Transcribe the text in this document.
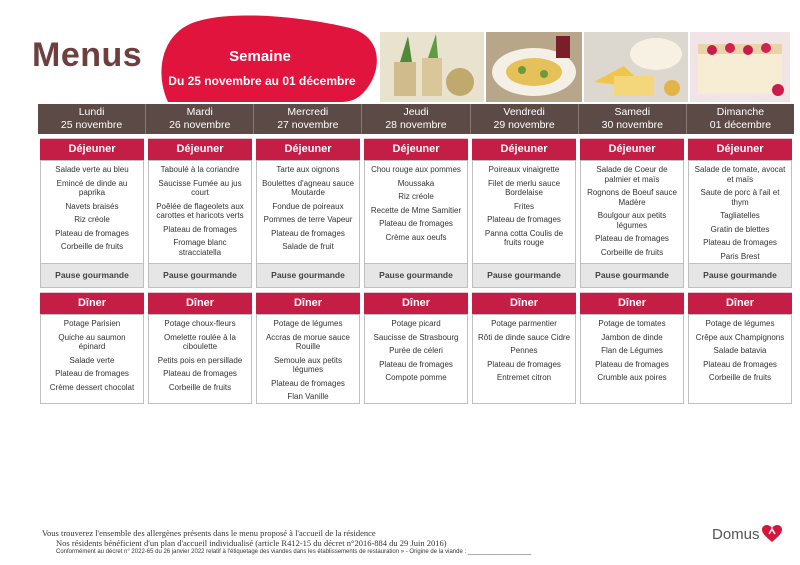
Menus	Semaine
Du 25 novembre au 01 décembre
Lundi
25 novembre
Mardi
26 novembre
Mercredi
27 novembre
Jeudi
28 novembre
Vendredi
29 novembre
Samedi
30 novembre
Dimanche
01 décembre
Déjeuner
Salade verte au bleu
Emincé de dinde au paprika
Navets braisés
Riz créole
Plateau de fromages
Corbeille de fruits
Pause gourmande
Dîner
Potage Parisien
Quiche au saumon épinard
Salade verte
Plateau de fromages
Crème dessert chocolat
Déjeuner
Taboulé à la coriandre
Saucisse Fumée au jus court
Poêlée de flageolets aux carottes et haricots verts
Plateau de fromages
Fromage blanc stracciatella
Pause gourmande
Dîner
Potage choux-fleurs
Omelette roulée à la ciboulette
Petits pois en persillade
Plateau de fromages
Corbeille de fruits
Déjeuner
Tarte aux oignons
Boulettes d'agneau sauce Moutarde
Fondue de poireaux
Pommes de terre Vapeur
Plateau de fromages
Salade de fruit
Pause gourmande
Dîner
Potage de légumes
Accras de morue sauce Rouille
Semoule aux petits légumes
Plateau de fromages
Flan Vanille
Déjeuner
Chou rouge aux pommes
Moussaka
Riz créole
Recette de Mme Samitier
Plateau de fromages
Crème aux oeufs
Pause gourmande
Dîner
Potage picard
Saucisse de Strasbourg
Purée de céleri
Plateau de fromages
Compote pomme
Déjeuner
Poireaux vinaigrette
Filet de merlu sauce Bordelaise
Frites
Plateau de fromages
Panna cotta Coulis de fruits rouge
Pause gourmande
Dîner
Potage parmentier
Rôti de dinde sauce Cidre
Pennes
Plateau de fromages
Entremet citron
Déjeuner
Salade de Coeur de palmier et maïs
Rognons de Boeuf sauce Madère
Boulgour aux petits légumes
Plateau de fromages
Corbeille de fruits
Pause gourmande
Dîner
Potage de tomates
Jambon de dinde
Flan de Légumes
Plateau de fromages
Crumble aux poires
Déjeuner
Salade de tomate, avocat et maïs
Saute de porc à l'ail et thym
Tagliatelles
Gratin de blettes
Plateau de fromages
Paris Brest
Pause gourmande
Dîner
Potage de légumes
Crêpe aux Champignons
Salade batavia
Plateau de fromages
Corbeille de fruits
Vous trouverez l'ensemble des allergènes présents dans le menu proposé à l'accueil de la résidence
Nos résidents bénéficient d'un plan d'accueil individualisé (article R412-15 du décret n°2016-884 du 29 Juin 2016)
Conformément au décret n° 2022-65 du 26 janvier 2022 relatif à l'étiquetage des viandes dans les établissements de restauration » - Origine de la viande : ___________________
Domus
